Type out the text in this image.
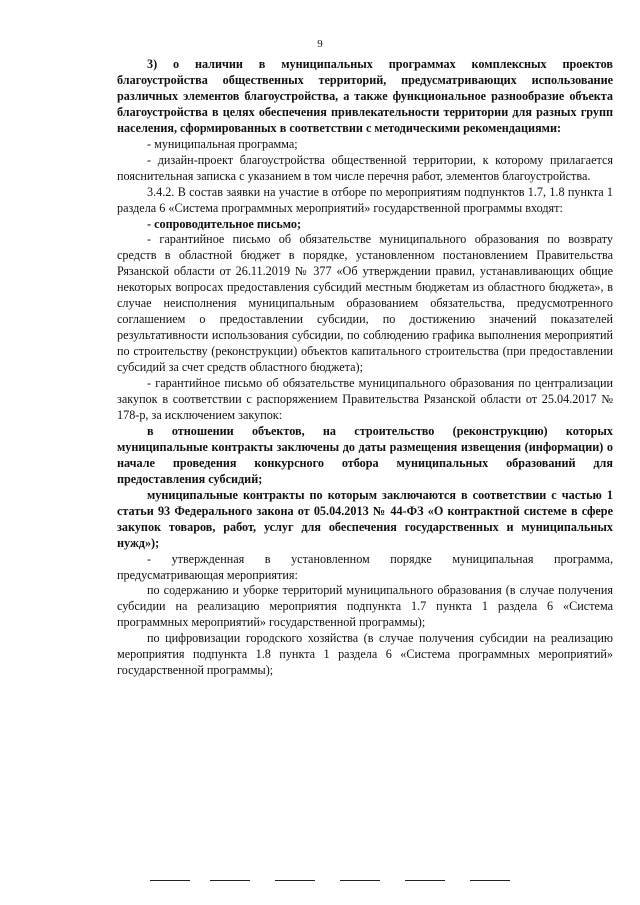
9

3) о наличии в муниципальных программах комплексных проектов благоустройства общественных территорий, предусматривающих использование различных элементов благоустройства, а также функциональное разнообразие объекта благоустройства в целях обеспечения привлекательности территории для разных групп населения, сформированных в соответствии с методическими рекомендациями:

- муниципальная программа;

- дизайн-проект благоустройства общественной территории, к которому прилагается пояснительная записка с указанием в том числе перечня работ, элементов благоустройства.

3.4.2. В состав заявки на участие в отборе по мероприятиям подпунктов 1.7, 1.8 пункта 1 раздела 6 «Система программных мероприятий» государственной программы входят:

- сопроводительное письмо;

- гарантийное письмо об обязательстве муниципального образования по возврату средств в областной бюджет в порядке, установленном постановлением Правительства Рязанской области от 26.11.2019 № 377 «Об утверждении правил, устанавливающих общие некоторых вопросах предоставления субсидий местным бюджетам из областного бюджета», в случае неисполнения муниципальным образованием обязательства, предусмотренного соглашением о предоставлении субсидии, по достижению значений показателей результативности использования субсидии, по соблюдению графика выполнения мероприятий по строительству (реконструкции) объектов капитального строительства (при предоставлении субсидий за счет средств областного бюджета);

- гарантийное письмо об обязательстве муниципального образования по централизации закупок в соответствии с распоряжением Правительства Рязанской области от 25.04.2017 № 178-р, за исключением закупок:

в отношении объектов, на строительство (реконструкцию) которых муниципальные контракты заключены до даты размещения извещения (информации) о начале проведения конкурсного отбора муниципальных образований для предоставления субсидий;

муниципальные контракты по которым заключаются в соответствии с частью 1 статьи 93 Федерального закона от 05.04.2013 № 44-ФЗ «О контрактной системе в сфере закупок товаров, работ, услуг для обеспечения государственных и муниципальных нужд»);

- утвержденная в установленном порядке муниципальная программа, предусматривающая мероприятия:

по содержанию и уборке территорий муниципального образования (в случае получения субсидии на реализацию мероприятия подпункта 1.7 пункта 1 раздела 6 «Система программных мероприятий» государственной программы);

по цифровизации городского хозяйства (в случае получения субсидии на реализацию мероприятия подпункта 1.8 пункта 1 раздела 6 «Система программных мероприятий» государственной программы);
